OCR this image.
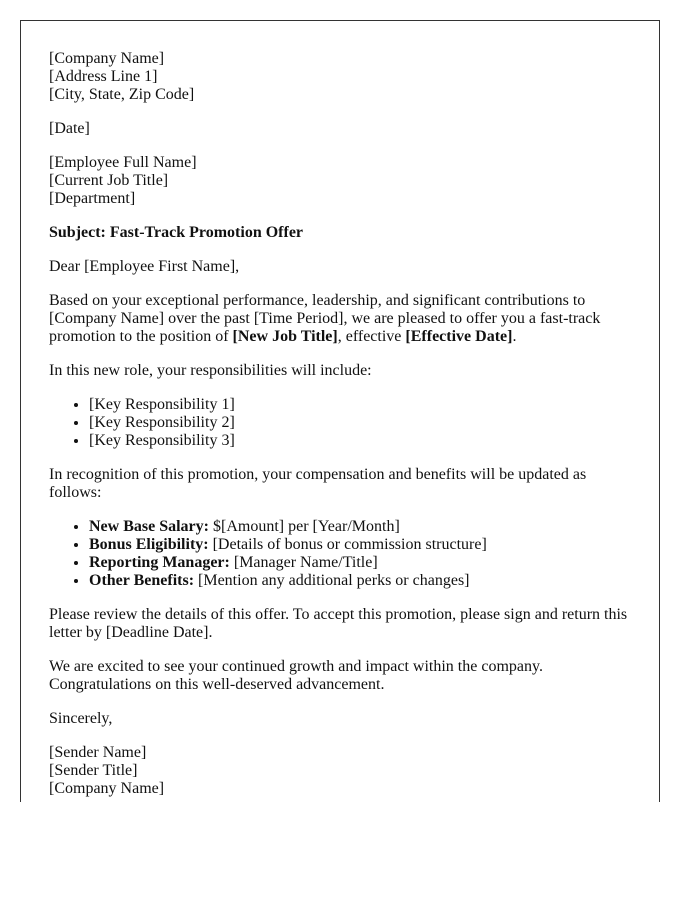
[Company Name]
[Address Line 1]
[City, State, Zip Code]
[Date]
[Employee Full Name]
[Current Job Title]
[Department]

Subject: Fast-Track Promotion Offer

Dear [Employee First Name],

Based on your exceptional performance, leadership, and significant contributions to [Company Name] over the past [Time Period], we are pleased to offer you a fast-track promotion to the position of [New Job Title], effective [Effective Date].

In this new role, your responsibilities will include:

• [Key Responsibility 1]
• [Key Responsibility 2]
• [Key Responsibility 3]

In recognition of this promotion, your compensation and benefits will be updated as follows:

• New Base Salary: $[Amount] per [Year/Month]
• Bonus Eligibility: [Details of bonus or commission structure]
• Reporting Manager: [Manager Name/Title]
• Other Benefits: [Mention any additional perks or changes]

Please review the details of this offer. To accept this promotion, please sign and return this letter by [Deadline Date].

We are excited to see your continued growth and impact within the company. Congratulations on this well-deserved advancement.

Sincerely,

[Sender Name]
[Sender Title]
[Company Name]
